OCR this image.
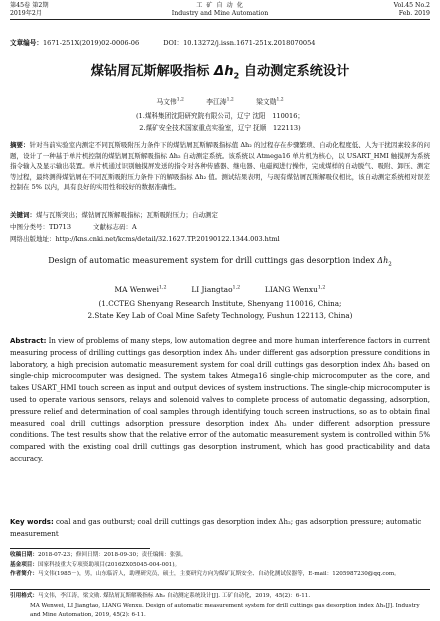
第45卷 第2期
2019年2月
工 矿 自 动 化
Industry and Mine Automation
Vol.45 No.2
Feb. 2019
文章编号：1671-251X(2019)02-0006-06	DOI：10.13272/j.issn.1671-251x.2018070054
煤钻屑瓦斯解吸指标 $\Delta h_2$ 自动测定系统设计
马文伟$^{1,2}$	李江涛$^{1,2}$	梁文勋$^{1,2}$
(1.煤科集团沈阳研究院有限公司，辽宁 沈阳　110016；
2.煤矿安全技术国家重点实验室，辽宁 抚顺　122113)
摘要：针对当前实验室内测定不同瓦斯吸附压力条件下的煤钻屑瓦斯解吸指标值 Δh₂ 的过程存在步骤繁琐、自动化程度低、人为干扰因素较多的问题，设计了一种基于单片机控制的煤钻屑瓦斯解吸指标 Δh₂ 自动测定系统。该系统以 Atmega16 单片机为核心，以 USART_HMI 触摸屏为系统指令输入及显示输出装置。单片机通过识别触摸屏发送的指令对各种传感器、继电器、电磁阀进行操作，完成煤样的自动脱气、吸附、卸压、测定等过程，最终测得煤钻屑在不同瓦斯吸附压力条件下的解吸指标 Δh₂ 值。测试结果表明，与现有煤钻屑瓦斯解吸仪相比，该自动测定系统相对误差控制在 5% 以内，具有良好的实用性和较好的数据准确性。
关键词：煤与瓦斯突出；煤钻屑瓦斯解吸指标；瓦斯吸附压力；自动测定
中图分类号：TD713	文献标志码：A
网络出版地址：http://kns.cnki.net/kcms/detail/32.1627.TP.20190122.1344.003.html
Design of automatic measurement system for drill cuttings gas desorption index $\Delta h_2$
MA Wenwei$^{1,2}$	LI Jiangtao$^{1,2}$	LIANG Wenxu$^{1,2}$
(1.CCTEG Shenyang Research Institute, Shenyang 110016, China;
2.State Key Lab of Coal Mine Safety Technology, Fushun 122113, China)
Abstract: In view of problems of many steps, low automation degree and more human interference factors in current measuring process of drilling cuttings gas desorption index Δh₂ under different gas adsorption pressure conditions in laboratory, a high precision automatic measurement system for coal drill cuttings gas desorption index Δh₂ based on single-chip microcomputer was designed. The system takes Atmega16 single-chip microcomputer as the core, and takes USART_HMI touch screen as input and output devices of system instructions. The single-chip microcomputer is used to operate various sensors, relays and solenoid valves to complete process of automatic degassing, adsorption, pressure relief and determination of coal samples through identifying touch screen instructions, so as to obtain final measured coal drill cuttings adsorption pressure desorption index Δh₂ under different adsorption pressure conditions. The test results show that the relative error of the automatic measurement system is controlled within 5% compared with the existing coal drill cuttings gas desorption instrument, which has good practicability and data accuracy.
Key words: coal and gas outburst; coal drill cuttings gas desorption index Δh₂; gas adsorption pressure; automatic measurement
收稿日期：2018-07-23；修回日期：2018-09-30；责任编辑：张强。
基金项目：国家科技重大专项资助项目(2016ZX05045-004-001)。
作者简介：马文伟(1985－)，男，山东临沂人，助理研究员，硕士，主要研究方向为煤矿瓦斯安全、自动化测试仪器等，E-mail：1205987230@qq.com。
引用格式：马文伟，李江涛，梁文勋. 煤钻屑瓦斯解吸指标 Δh₂ 自动测定系统设计[J]. 工矿自动化，2019，45(2)：6-11.
MA Wenwei, LI Jiangtao, LIANG Wenxu. Design of automatic measurement system for drill cuttings gas desorption index Δh₂[J]. Industry and Mine Automation, 2019, 45(2): 6-11.
